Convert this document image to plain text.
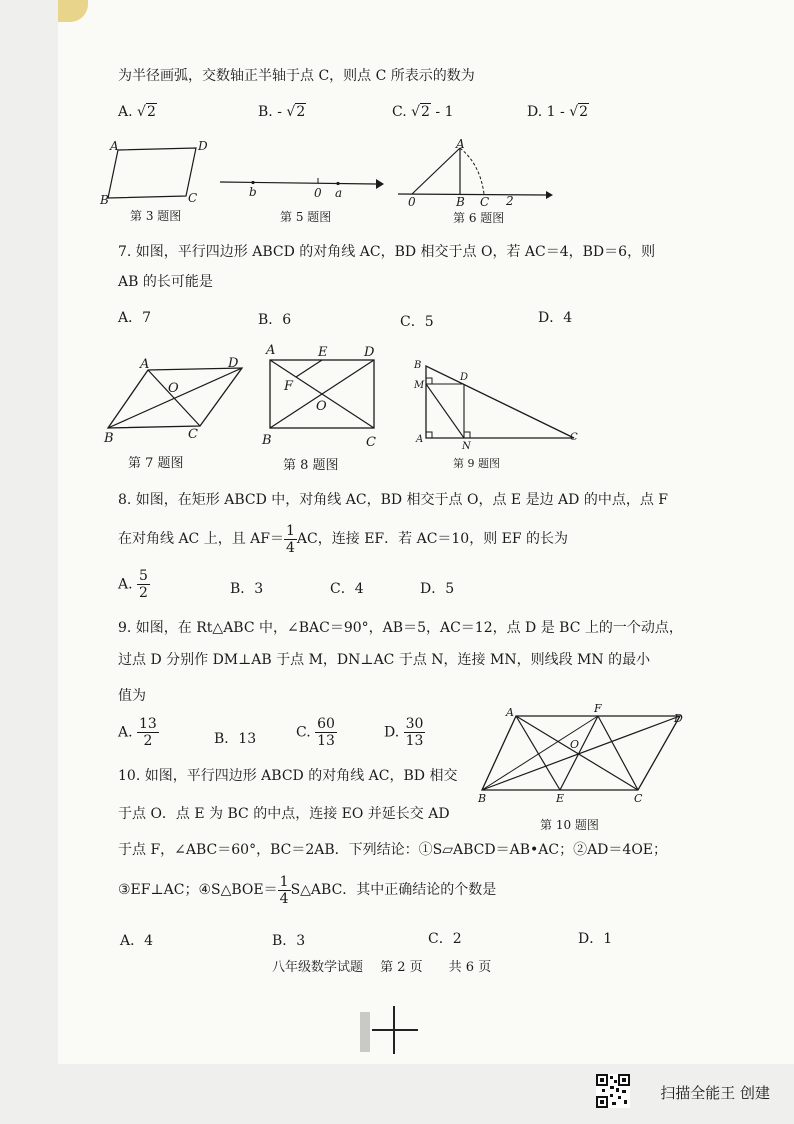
为半径画弧，交数轴正半轴于点 C，则点 C 所表示的数为
A. √2	B. - √2	C. √2 - 1	D. 1 - √2
A	D
B	C
第 3 题图
b	0 a
第 5 题图
A
0	B C 2
第 6 题图
7. 如图，平行四边形 ABCD 的对角线 AC，BD 相交于点 O，若 AC＝4，BD＝6，则
AB 的长可能是
A．7	B．6	C．5	D．4
A	D
O
B	C
第 7 题图
A	E	D
F
O
B	C
第 8 题图
B
M
D
A
N
C
第 9 题图
8. 如图，在矩形 ABCD 中，对角线 AC，BD 相交于点 O，点 E 是边 AD 的中点，点 F
在对角线 AC 上，且 $AF= \frac{1}{4}$ AC，连接 EF．若 AC＝10，则 EF 的长为
A. $\frac{5}{2}$	B．3	C．4	D．5
9. 如图，在 Rt△ABC 中，∠BAC＝90°，AB＝5，AC＝12，点 D 是 BC 上的一个动点，
过点 D 分别作 DM⊥AB 于点 M，DN⊥AC 于点 N，连接 MN，则线段 MN 的最小
值为
A. $\frac{13}{2}$	B．13	C. $\frac{60}{13}$	D. $\frac{30}{13}$
A	F
D
O
B	E	C
第 10 题图
10. 如图，平行四边形 ABCD 的对角线 AC，BD 相交
于点 O．点 E 为 BC 的中点，连接 EO 并延长交 AD
于点 F，∠ABC＝60°，BC＝2AB．下列结论：①S▱ABCD＝AB•AC；②AD＝4OE；
③EF⊥AC；④S△BOE＝ $\frac{1}{4}$ S△ABC．其中正确结论的个数是
A．4	B．3	C．2	D．1
八年级数学试题　 第 2 页　　共 6 页
扫描全能王 创建
